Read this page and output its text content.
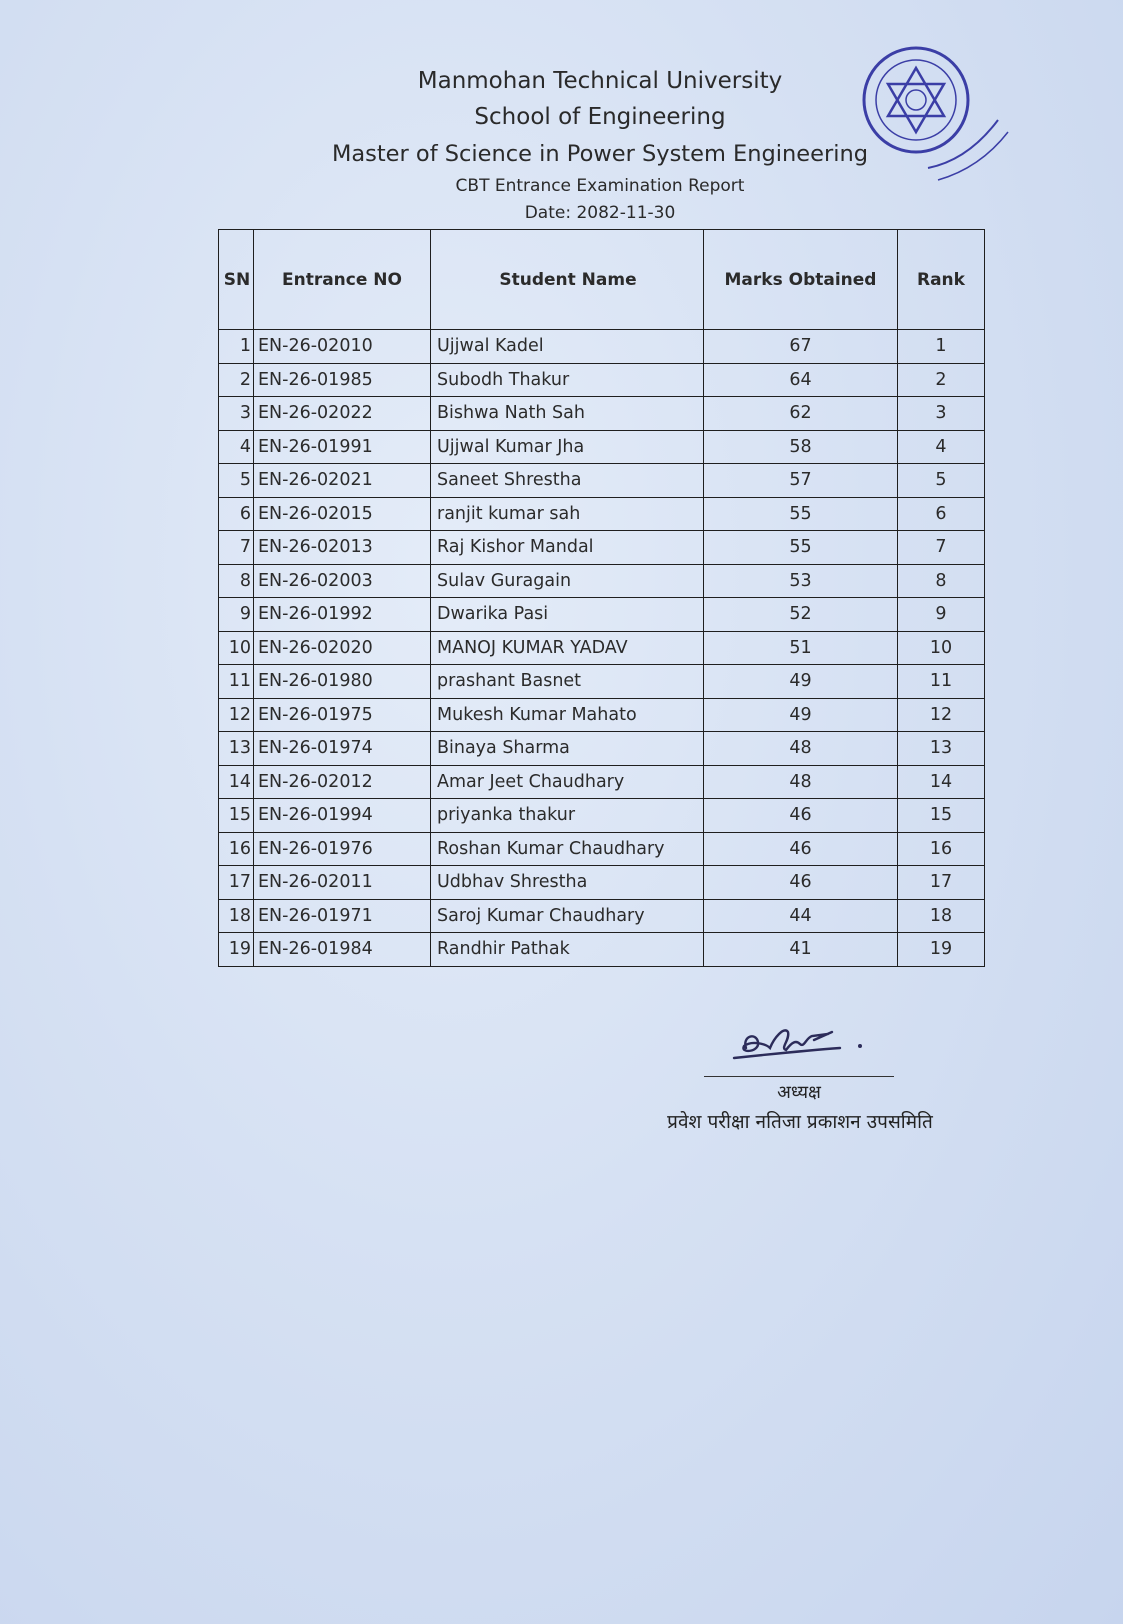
Manmohan Technical University
School of Engineering
Master of Science in Power System Engineering
CBT Entrance Examination Report
Date: 2082-11-30
SN	Entrance NO	Student Name	Marks Obtained	Rank
1	EN-26-02010	Ujjwal Kadel	67	1
2	EN-26-01985	Subodh Thakur	64	2
3	EN-26-02022	Bishwa Nath Sah	62	3
4	EN-26-01991	Ujjwal Kumar Jha	58	4
5	EN-26-02021	Saneet Shrestha	57	5
6	EN-26-02015	ranjit kumar sah	55	6
7	EN-26-02013	Raj Kishor Mandal	55	7
8	EN-26-02003	Sulav Guragain	53	8
9	EN-26-01992	Dwarika Pasi	52	9
10	EN-26-02020	MANOJ KUMAR YADAV	51	10
11	EN-26-01980	prashant Basnet	49	11
12	EN-26-01975	Mukesh Kumar Mahato	49	12
13	EN-26-01974	Binaya Sharma	48	13
14	EN-26-02012	Amar Jeet Chaudhary	48	14
15	EN-26-01994	priyanka thakur	46	15
16	EN-26-01976	Roshan Kumar Chaudhary	46	16
17	EN-26-02011	Udbhav Shrestha	46	17
18	EN-26-01971	Saroj Kumar Chaudhary	44	18
19	EN-26-01984	Randhir Pathak	41	19
अध्यक्ष
प्रवेश परीक्षा नतिजा प्रकाशन उपसमिति
